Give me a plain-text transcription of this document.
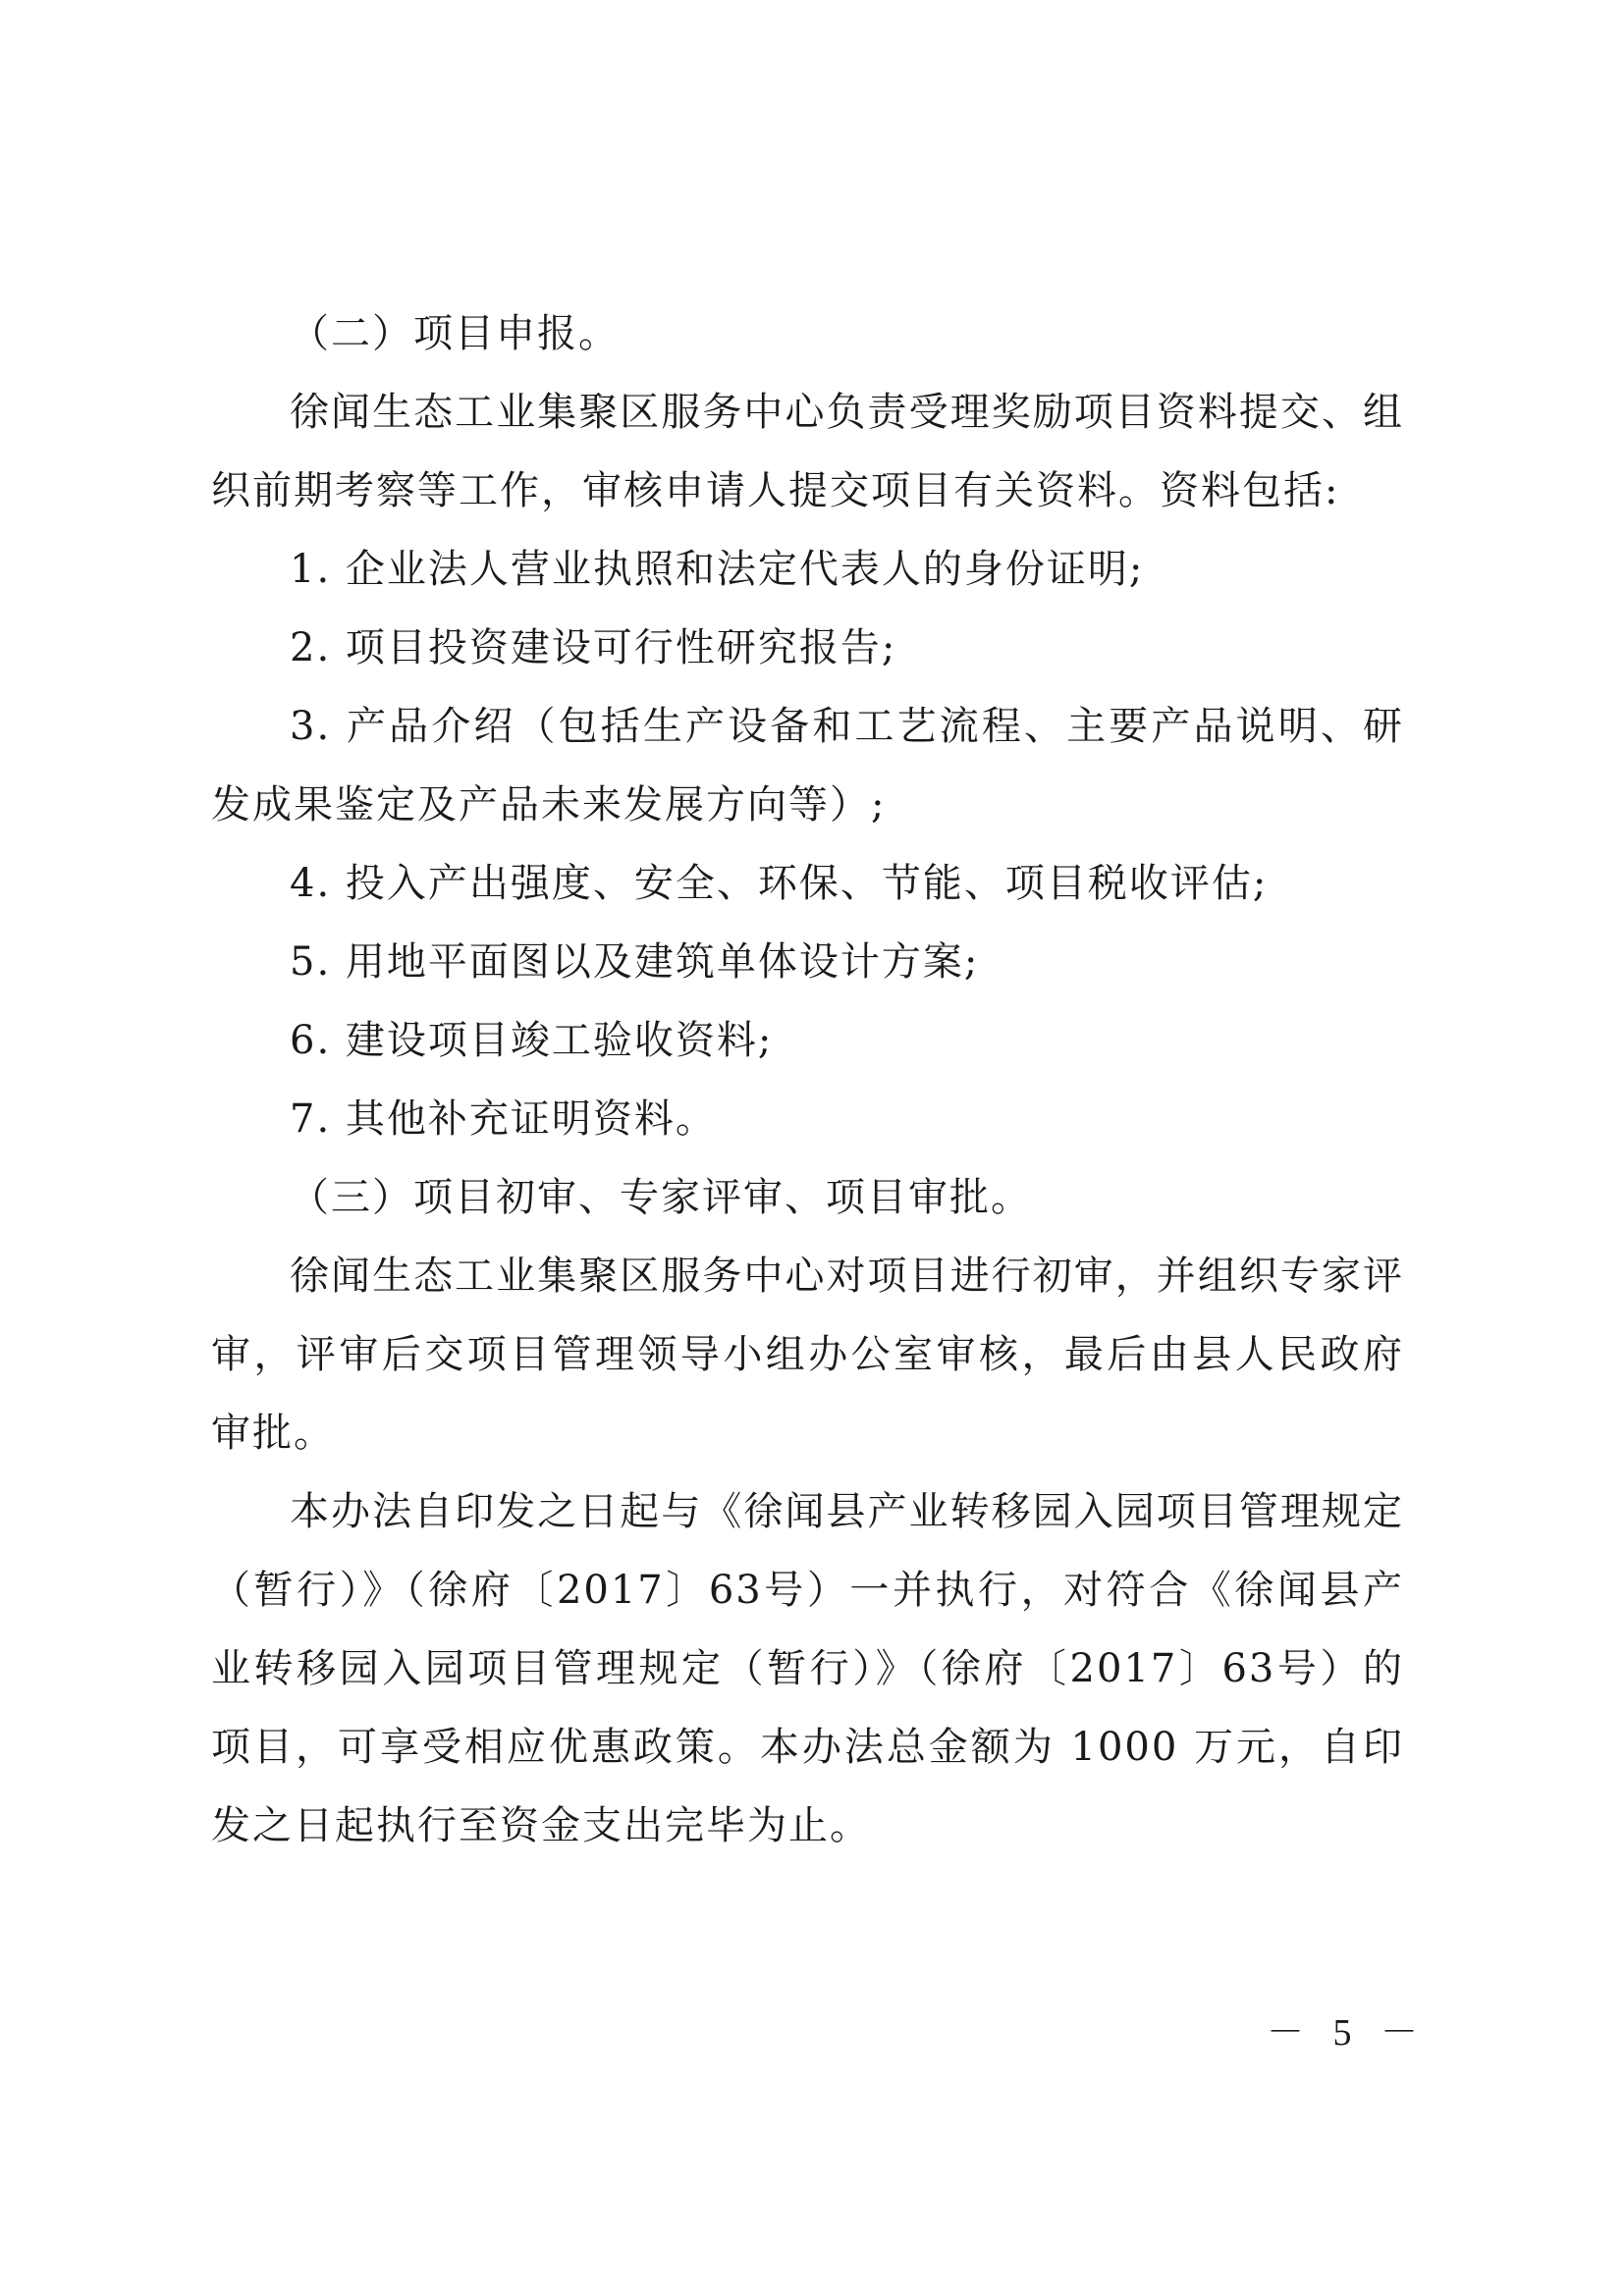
（二）项目申报。

徐闻生态工业集聚区服务中心负责受理奖励项目资料提交、组织前期考察等工作，审核申请人提交项目有关资料。资料包括:

1. 企业法人营业执照和法定代表人的身份证明;

2. 项目投资建设可行性研究报告;

3. 产品介绍（包括生产设备和工艺流程、主要产品说明、研发成果鉴定及产品未来发展方向等）;

4. 投入产出强度、安全、环保、节能、项目税收评估;

5. 用地平面图以及建筑单体设计方案;

6. 建设项目竣工验收资料;

7. 其他补充证明资料。

（三）项目初审、专家评审、项目审批。

徐闻生态工业集聚区服务中心对项目进行初审，并组织专家评审，评审后交项目管理领导小组办公室审核，最后由县人民政府审批。

本办法自印发之日起与《徐闻县产业转移园入园项目管理规定（暂行）》（徐府〔2017〕63号）一并执行，对符合《徐闻县产业转移园入园项目管理规定（暂行）》（徐府〔2017〕63号）的项目，可享受相应优惠政策。本办法总金额为 1000 万元，自印发之日起执行至资金支出完毕为止。

－ 5 －
